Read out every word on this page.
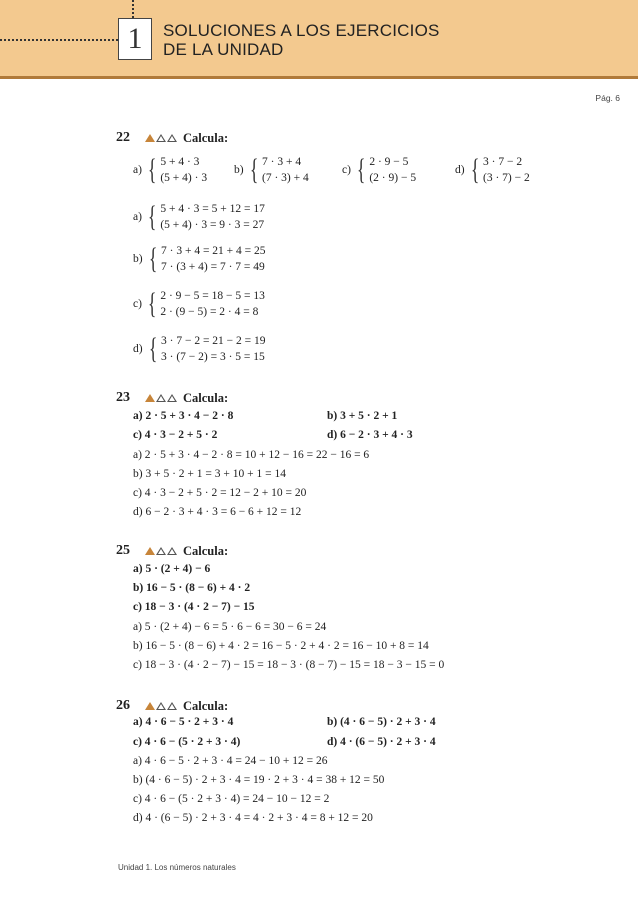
1	SOLUCIONES A LOS EJERCICIOS
DE LA UNIDAD
Pág. 6
22	Calcula:
a) { 5 + 4 · 3
(5 + 4) · 3
b) { 7 · 3 + 4
(7 · 3) + 4
c) { 2 · 9 − 5
(2 · 9) − 5
d) { 3 · 7 − 2
(3 · 7) − 2
a) { 5 + 4 · 3 = 5 + 12 = 17
(5 + 4) · 3 = 9 · 3 = 27
b) { 7 · 3 + 4 = 21 + 4 = 25
7 · (3 + 4) = 7 · 7 = 49
c) { 2 · 9 − 5 = 18 − 5 = 13
2 · (9 − 5) = 2 · 4 = 8
d) { 3 · 7 − 2 = 21 − 2 = 19
3 · (7 − 2) = 3 · 5 = 15
23	Calcula:
a) 2 · 5 + 3 · 4 − 2 · 8	b) 3 + 5 · 2 + 1
c) 4 · 3 − 2 + 5 · 2	d) 6 − 2 · 3 + 4 · 3
a) 2 · 5 + 3 · 4 − 2 · 8 = 10 + 12 − 16 = 22 − 16 = 6
b) 3 + 5 · 2 + 1 = 3 + 10 + 1 = 14
c) 4 · 3 − 2 + 5 · 2 = 12 − 2 + 10 = 20
d) 6 − 2 · 3 + 4 · 3 = 6 − 6 + 12 = 12
25	Calcula:
a) 5 · (2 + 4) − 6
b) 16 − 5 · (8 − 6) + 4 · 2
c) 18 − 3 · (4 · 2 − 7) − 15
a) 5 · (2 + 4) − 6 = 5 · 6 − 6 = 30 − 6 = 24
b) 16 − 5 · (8 − 6) + 4 · 2 = 16 − 5 · 2 + 4 · 2 = 16 − 10 + 8 = 14
c) 18 − 3 · (4 · 2 − 7) − 15 = 18 − 3 · (8 − 7) − 15 = 18 − 3 − 15 = 0
26	Calcula:
a) 4 · 6 − 5 · 2 + 3 · 4	b) (4 · 6 − 5) · 2 + 3 · 4
c) 4 · 6 − (5 · 2 + 3 · 4)	d) 4 · (6 − 5) · 2 + 3 · 4
a) 4 · 6 − 5 · 2 + 3 · 4 = 24 − 10 + 12 = 26
b) (4 · 6 − 5) · 2 + 3 · 4 = 19 · 2 + 3 · 4 = 38 + 12 = 50
c) 4 · 6 − (5 · 2 + 3 · 4) = 24 − 10 − 12 = 2
d) 4 · (6 − 5) · 2 + 3 · 4 = 4 · 2 + 3 · 4 = 8 + 12 = 20
Unidad 1. Los números naturales
